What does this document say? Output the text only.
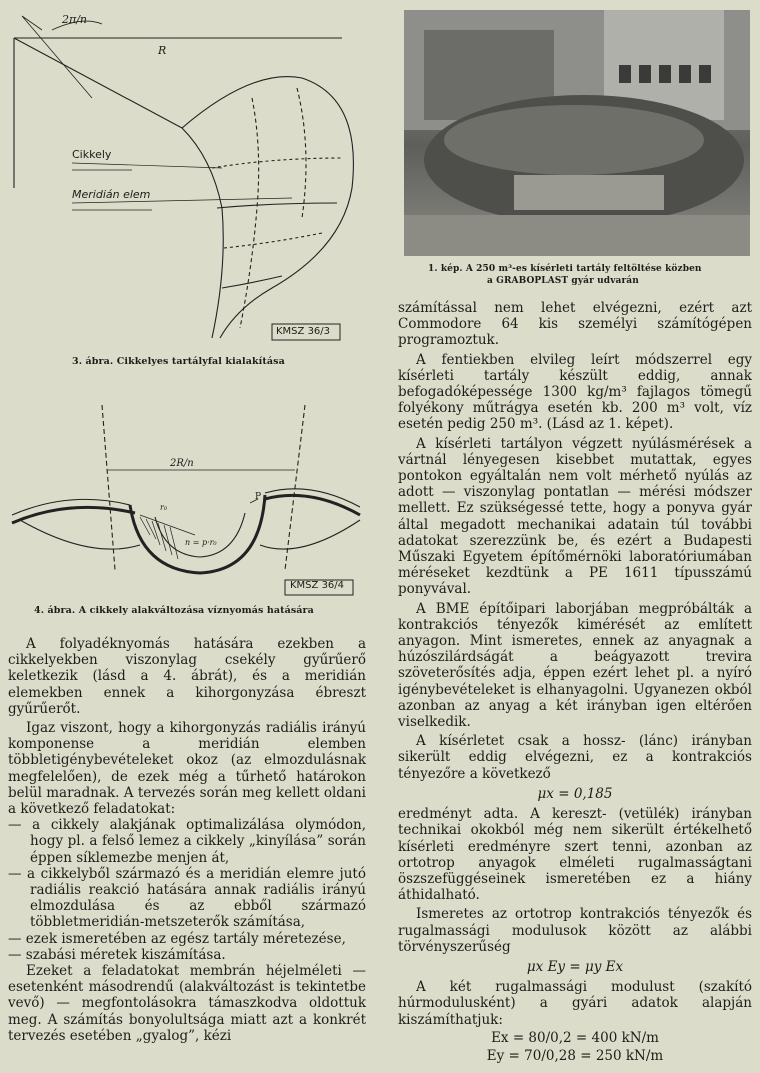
2π/n
R
Cikkely
Meridián elem
KMSZ 36/3
3. ábra. Cikkelyes tartályfal kialakítása
2R/n
r₀
P
n = p·r₀
KMSZ 36/4
4. ábra. A cikkely alakváltozása víznyomás hatására
1. kép. A 250 m³-es kísérleti tartály feltöltése közben
a GRABOPLAST gyár udvarán

A folyadéknyomás hatására ezekben a cikkelyekben viszonylag csekély gyűrűerő keletkezik (lásd a 4. ábrát), és a meridián elemekben ennek a kihorgonyzása ébreszt gyűrűerőt.

Igaz viszont, hogy a kihorgonyzás radiális irányú komponense a meridián elemben többletigénybevételeket okoz (az elmozdulásnak megfelelően), de ezek még a tűrhető határokon belül maradnak. A tervezés során meg kellett oldani a következő feladatokat:

— a cikkely alakjának optimalizálása olymódon, hogy pl. a felső lemez a cikkely „kinyílása” során éppen síklemezbe menjen át,
— a cikkelyből származó és a meridián elemre jutó radiális reakció hatására annak radiális irányú elmozdulása és az ebből származó többletmeridián-metszeterők számítása,
— ezek ismeretében az egész tartály méretezése,
— szabási méretek kiszámítása.

Ezeket a feladatokat membrán héjelméleti — esetenként másodrendű (alakváltozást is tekintetbe vevő) — megfontolásokra támaszkodva oldottuk meg. A számítás bonyolultsága miatt azt a konkrét tervezés esetében „gyalog”, kézi

számítással nem lehet elvégezni, ezért azt Commodore 64 kis személyi számítógépen programoztuk.

A fentiekben elvileg leírt módszerrel egy kísérleti tartály készült eddig, annak befogadóképessége 1300 kg/m³ fajlagos tömegű folyékony műtrágya esetén kb. 200 m³ volt, víz esetén pedig 250 m³. (Lásd az 1. képet).

A kísérleti tartályon végzett nyúlásmérések a vártnál lényegesen kisebbet mutattak, egyes pontokon egyáltalán nem volt mérhető nyúlás az adott — viszonylag pontatlan — mérési módszer mellett. Ez szükségessé tette, hogy a ponyva gyár által megadott mechanikai adatain túl további adatokat szerezzünk be, és ezért a Budapesti Műszaki Egyetem építőmérnöki laboratóriumában méréseket kezdtünk a PE 1611 típusszámú ponyvával.

A BME építőipari laborjában megpróbálták a kontrakciós tényezők kimérését az említett anyagon. Mint ismeretes, ennek az anyagnak a húzószilárdságát a beágyazott trevira szöveterősítés adja, éppen ezért lehet pl. a nyíró igénybevételeket is elhanyagolni. Ugyanezen okból azonban az anyag a két irányban igen eltérően viselkedik.

A kísérletet csak a hossz- (lánc) irányban sikerült eddig elvégezni, ez a kontrakciós tényezőre a következő

μx = 0,185

eredményt adta. A kereszt- (vetülék) irányban technikai okokból még nem sikerült értékelhető kísérleti eredményre szert tenni, azonban az ortotrop anyagok elméleti rugalmasságtani öszszefüggéseinek ismeretében ez a hiány áthidalható.

Ismeretes az ortotrop kontrakciós tényezők és rugalmassági modulusok között az alábbi törvényszerűség

μx Ey = μy Ex

A két rugalmassági modulust (szakító húrmodulusként) a gyári adatok alapján kiszámíthatjuk:

Ex = 80/0,2 = 400 kN/m
Ey = 70/0,28 = 250 kN/m
